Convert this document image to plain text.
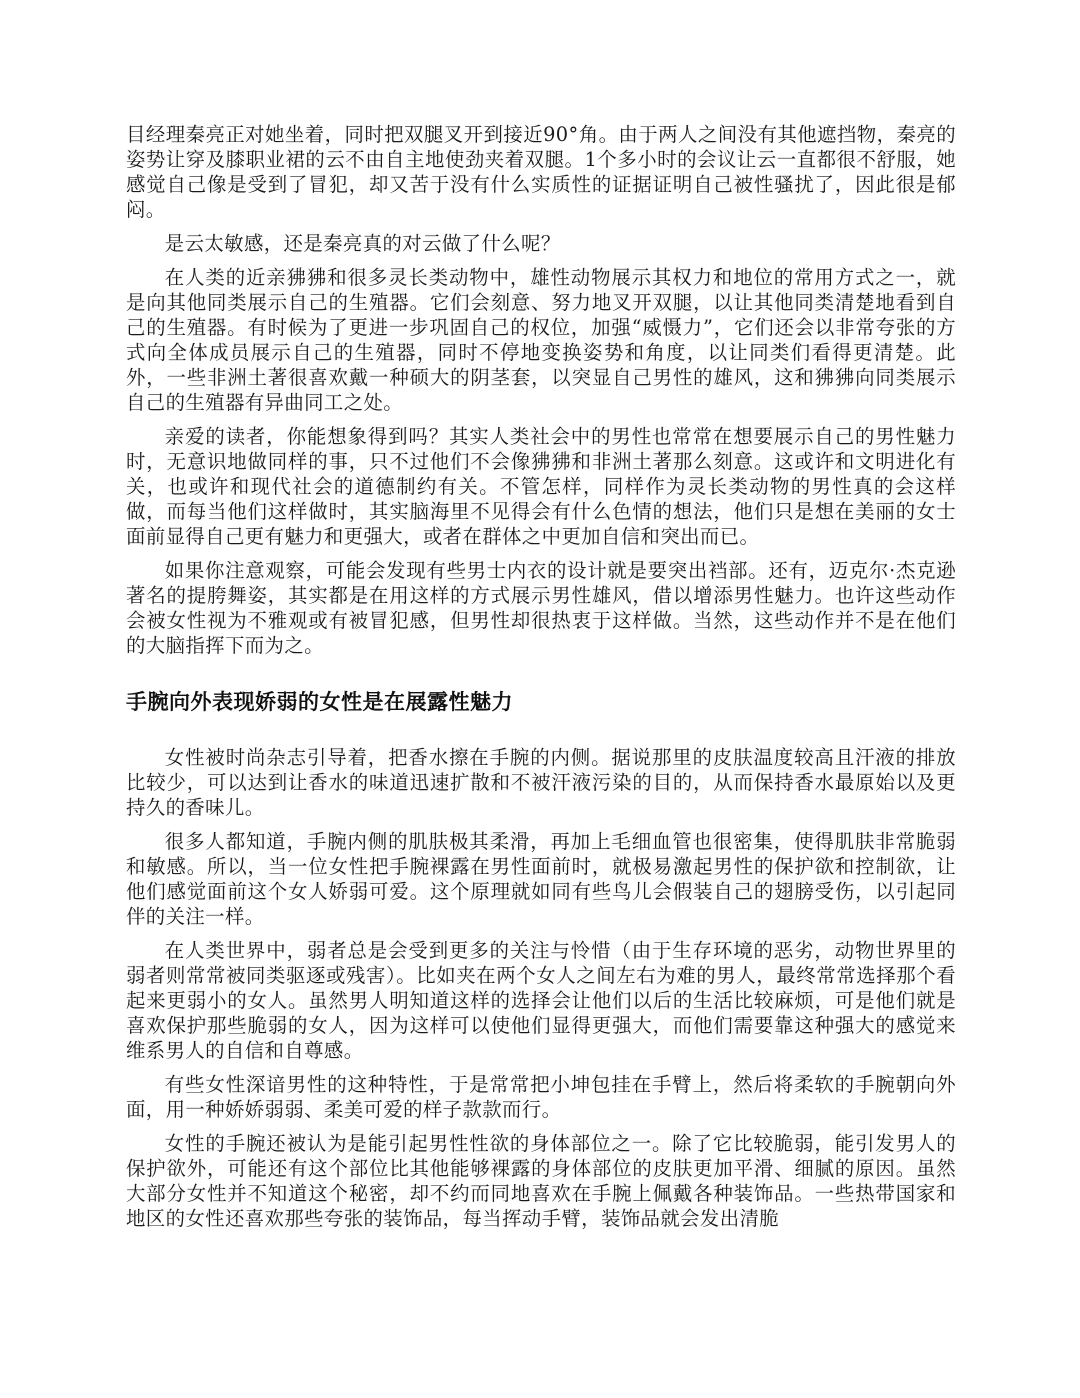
目经理秦亮正对她坐着，同时把双腿叉开到接近90°角。由于两人之间没有其他遮挡物，秦亮的姿势让穿及膝职业裙的云不由自主地使劲夹着双腿。1个多小时的会议让云一直都很不舒服，她感觉自己像是受到了冒犯，却又苦于没有什么实质性的证据证明自己被性骚扰了，因此很是郁闷。

是云太敏感，还是秦亮真的对云做了什么呢？

在人类的近亲狒狒和很多灵长类动物中，雄性动物展示其权力和地位的常用方式之一，就是向其他同类展示自己的生殖器。它们会刻意、努力地叉开双腿，以让其他同类清楚地看到自己的生殖器。有时候为了更进一步巩固自己的权位，加强“威慑力”，它们还会以非常夸张的方式向全体成员展示自己的生殖器，同时不停地变换姿势和角度，以让同类们看得更清楚。此外，一些非洲土著很喜欢戴一种硕大的阴茎套，以突显自己男性的雄风，这和狒狒向同类展示自己的生殖器有异曲同工之处。

亲爱的读者，你能想象得到吗？其实人类社会中的男性也常常在想要展示自己的男性魅力时，无意识地做同样的事，只不过他们不会像狒狒和非洲土著那么刻意。这或许和文明进化有关，也或许和现代社会的道德制约有关。不管怎样，同样作为灵长类动物的男性真的会这样做，而每当他们这样做时，其实脑海里不见得会有什么色情的想法，他们只是想在美丽的女士面前显得自己更有魅力和更强大，或者在群体之中更加自信和突出而已。

如果你注意观察，可能会发现有些男士内衣的设计就是要突出裆部。还有，迈克尔·杰克逊著名的提胯舞姿，其实都是在用这样的方式展示男性雄风，借以增添男性魅力。也许这些动作会被女性视为不雅观或有被冒犯感，但男性却很热衷于这样做。当然，这些动作并不是在他们的大脑指挥下而为之。

手腕向外表现娇弱的女性是在展露性魅力

女性被时尚杂志引导着，把香水擦在手腕的内侧。据说那里的皮肤温度较高且汗液的排放比较少，可以达到让香水的味道迅速扩散和不被汗液污染的目的，从而保持香水最原始以及更持久的香味儿。

很多人都知道，手腕内侧的肌肤极其柔滑，再加上毛细血管也很密集，使得肌肤非常脆弱和敏感。所以，当一位女性把手腕裸露在男性面前时，就极易激起男性的保护欲和控制欲，让他们感觉面前这个女人娇弱可爱。这个原理就如同有些鸟儿会假装自己的翅膀受伤，以引起同伴的关注一样。

在人类世界中，弱者总是会受到更多的关注与怜惜（由于生存环境的恶劣，动物世界里的弱者则常常被同类驱逐或残害）。比如夹在两个女人之间左右为难的男人，最终常常选择那个看起来更弱小的女人。虽然男人明知道这样的选择会让他们以后的生活比较麻烦，可是他们就是喜欢保护那些脆弱的女人，因为这样可以使他们显得更强大，而他们需要靠这种强大的感觉来维系男人的自信和自尊感。

有些女性深谙男性的这种特性，于是常常把小坤包挂在手臂上，然后将柔软的手腕朝向外面，用一种娇娇弱弱、柔美可爱的样子款款而行。

女性的手腕还被认为是能引起男性性欲的身体部位之一。除了它比较脆弱，能引发男人的保护欲外，可能还有这个部位比其他能够裸露的身体部位的皮肤更加平滑、细腻的原因。虽然大部分女性并不知道这个秘密，却不约而同地喜欢在手腕上佩戴各种装饰品。一些热带国家和地区的女性还喜欢那些夸张的装饰品，每当挥动手臂，装饰品就会发出清脆
